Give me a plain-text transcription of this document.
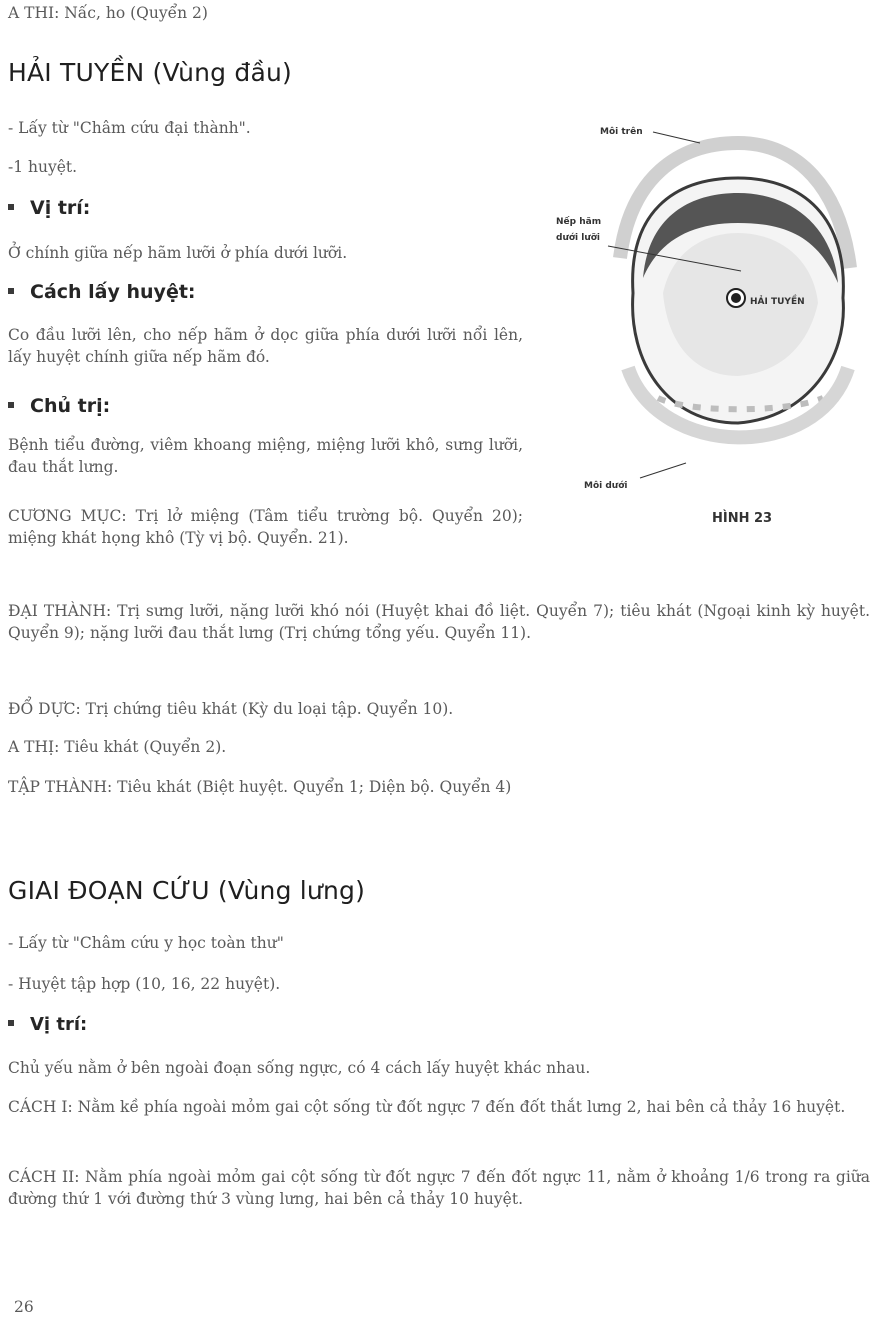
A THI: Nấc, ho (Quyển 2)

HẢI TUYỀN (Vùng đầu)

- Lấy từ "Châm cứu đại thành".

-1 huyệt.

Vị trí:

Ở chính giữa nếp hãm lưỡi ở phía dưới lưỡi.

Cách lấy huyệt:

Co đầu lưỡi lên, cho nếp hãm ở dọc giữa phía dưới lưỡi nổi lên, lấy huyệt chính giữa nếp hãm đó.

Chủ trị:

Bệnh tiểu đường, viêm khoang miệng, miệng lưỡi khô, sưng lưỡi, đau thắt lưng.

CƯƠNG MỤC: Trị lở miệng (Tâm tiểu trường bộ. Quyển 20); miệng khát họng khô (Tỳ vị bộ. Quyển. 21).

Môi trên
Nếp hãm
dưới lưỡi
HẢI TUYỀN
Môi dưới
HÌNH 23

ĐẠI THÀNH: Trị sưng lưỡi, nặng lưỡi khó nói (Huyệt khai đồ liệt. Quyển 7); tiêu khát (Ngoại kinh kỳ huyệt. Quyển 9); nặng lưỡi đau thắt lưng (Trị chứng tổng yếu. Quyển 11).

ĐỔ DỰC: Trị chứng tiêu khát (Kỳ du loại tập. Quyển 10).

A THỊ: Tiêu khát (Quyển 2).

TẬP THÀNH: Tiêu khát (Biệt huyệt. Quyển 1; Diện bộ. Quyển 4)

GIAI ĐOẠN CỨU (Vùng lưng)

- Lấy từ "Châm cứu y học toàn thư"

- Huyệt tập hợp (10, 16, 22 huyệt).

Vị trí:

Chủ yếu nằm ở bên ngoài đoạn sống ngực, có 4 cách lấy huyệt khác nhau.

CÁCH I: Nằm kề phía ngoài mỏm gai cột sống từ đốt ngực 7 đến đốt thắt lưng 2, hai bên cả thảy 16 huyệt.

CÁCH II: Nằm phía ngoài mỏm gai cột sống từ đốt ngực 7 đến đốt ngực 11, nằm ở khoảng 1/6 trong ra giữa đường thứ 1 với đường thứ 3 vùng lưng, hai bên cả thảy 10 huyệt.

26
